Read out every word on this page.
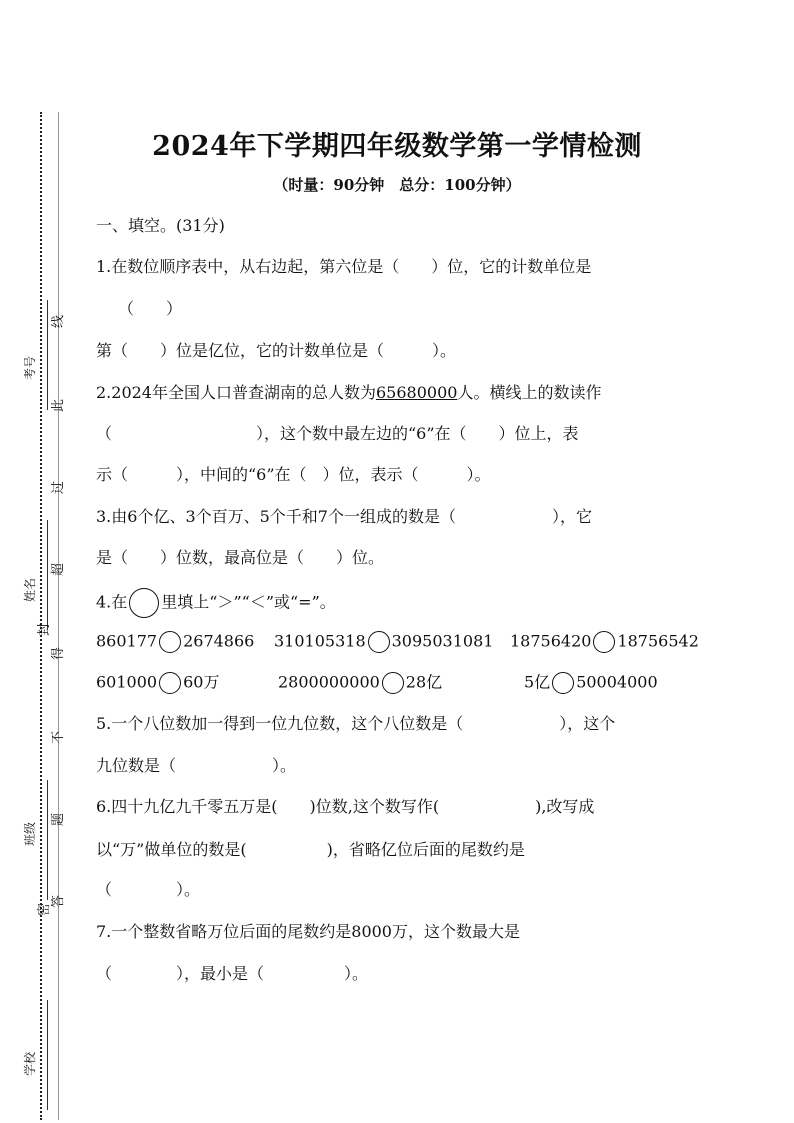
考号
姓名
班级
学校
线
此
过
超
得
不
题
答
封
密
2024年下学期四年级数学第一学情检测
（时量：90分钟　总分：100分钟）
一、填空。(31分)
1.在数位顺序表中，从右边起，第六位是（　　）位，它的计数单位是
（　　）
第（　　）位是亿位，它的计数单位是（　　　）。
2.2024年全国人口普查湖南的总人数为65680000人。横线上的数读作
（　　　　　　　　　），这个数中最左边的“6”在（　　）位上，表
示（　　　），中间的“6”在（　）位，表示（　　　）。
3.由6个亿、3个百万、5个千和7个一组成的数是（　　　　　　），它
是（　　）位数，最高位是（　　）位。
4.在 里填上“＞”“＜”或“=”。
860177 2674866 310105318 3095031081 18756420 18756542
601000 60万	2800000000 28亿	5亿 50004000
5.一个八位数加一得到一位九位数，这个八位数是（　　　　　　），这个
九位数是（　　　　　　）。
6.四十九亿九千零五万是(　　)位数,这个数写作(　　　　　　),改写成
以“万”做单位的数是(　　　　　)，省略亿位后面的尾数约是
（　　　　）。
7.一个整数省略万位后面的尾数约是8000万，这个数最大是
（　　　　），最小是（　　　　　）。
